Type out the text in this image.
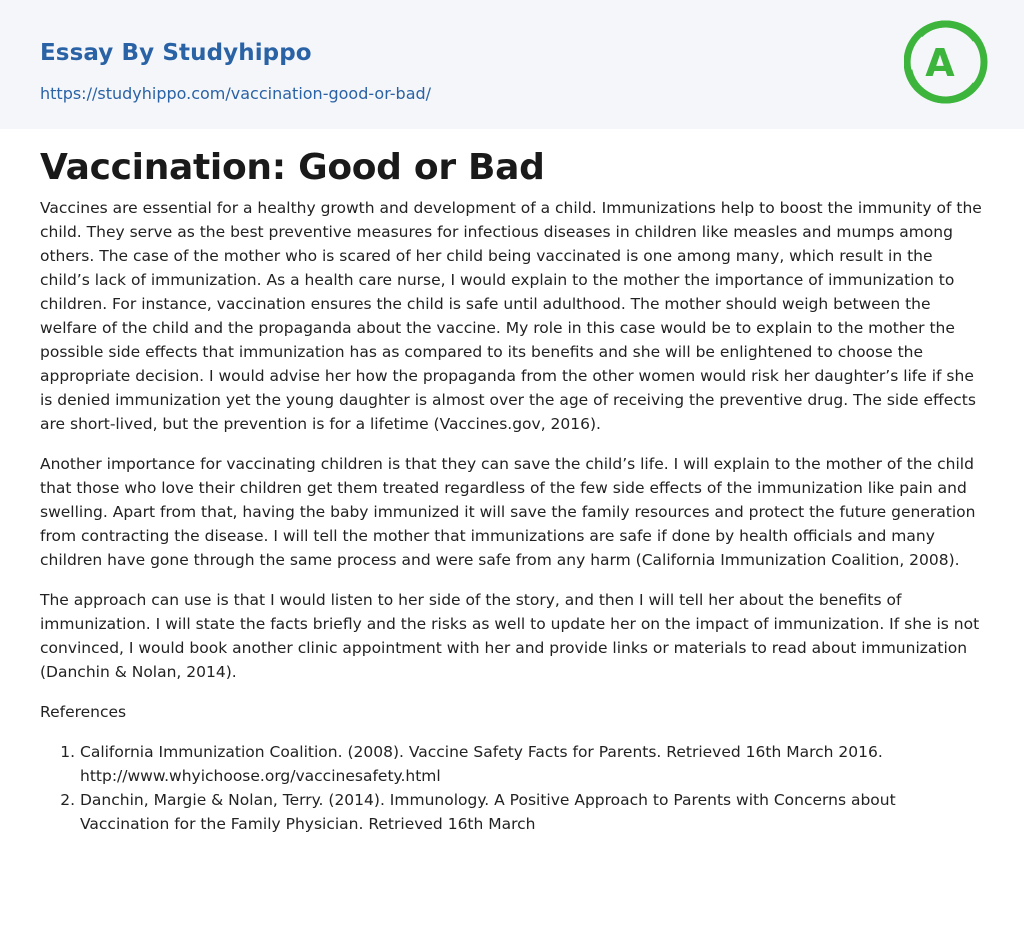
Essay By Studyhippo
https://studyhippo.com/vaccination-good-or-bad/
A
Vaccination: Good or Bad

Vaccines are essential for a healthy growth and development of a child. Immunizations help to boost the immunity of the child. They serve as the best preventive measures for infectious diseases in children like measles and mumps among others. The case of the mother who is scared of her child being vaccinated is one among many, which result in the child’s lack of immunization. As a health care nurse, I would explain to the mother the importance of immunization to children. For instance, vaccination ensures the child is safe until adulthood. The mother should weigh between the welfare of the child and the propaganda about the vaccine. My role in this case would be to explain to the mother the possible side effects that immunization has as compared to its benefits and she will be enlightened to choose the appropriate decision. I would advise her how the propaganda from the other women would risk her daughter’s life if she is denied immunization yet the young daughter is almost over the age of receiving the preventive drug. The side effects are short-lived, but the prevention is for a lifetime (Vaccines.gov, 2016).

Another importance for vaccinating children is that they can save the child’s life. I will explain to the mother of the child that those who love their children get them treated regardless of the few side effects of the immunization like pain and swelling. Apart from that, having the baby immunized it will save the family resources and protect the future generation from contracting the disease. I will tell the mother that immunizations are safe if done by health officials and many children have gone through the same process and were safe from any harm (California Immunization Coalition, 2008).

The approach can use is that I would listen to her side of the story, and then I will tell her about the benefits of immunization. I will state the facts briefly and the risks as well to update her on the impact of immunization. If she is not convinced, I would book another clinic appointment with her and provide links or materials to read about immunization (Danchin & Nolan, 2014).

References

1. California Immunization Coalition. (2008). Vaccine Safety Facts for Parents. Retrieved 16th March 2016. http://www.whyichoose.org/vaccinesafety.html
2. Danchin, Margie & Nolan, Terry. (2014). Immunology. A Positive Approach to Parents with Concerns about Vaccination for the Family Physician. Retrieved 16th March
